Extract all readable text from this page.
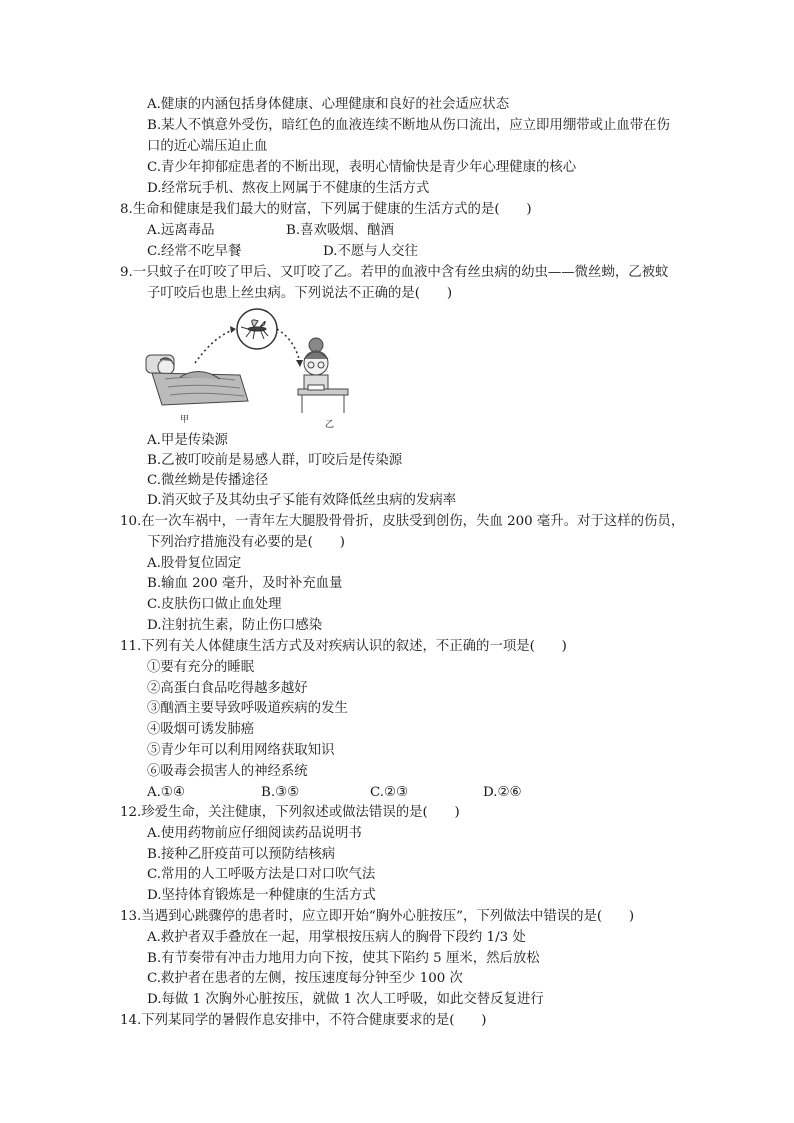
A.健康的内涵包括身体健康、心理健康和良好的社会适应状态
B.某人不慎意外受伤，暗红色的血液连续不断地从伤口流出，应立即用绷带或止血带在伤
口的近心端压迫止血
C.青少年抑郁症患者的不断出现，表明心情愉快是青少年心理健康的核心
D.经常玩手机、熬夜上网属于不健康的生活方式
8.生命和健康是我们最大的财富，下列属于健康的生活方式的是(　　)
A.远离毒品	B.喜欢吸烟、酗酒
C.经常不吃早餐	D.不愿与人交往
9.一只蚊子在叮咬了甲后、又叮咬了乙。若甲的血液中含有丝虫病的幼虫——微丝蚴，乙被蚊
子叮咬后也患上丝虫病。下列说法不正确的是(　　)
甲	乙
A.甲是传染源
B.乙被叮咬前是易感人群，叮咬后是传染源
C.微丝蚴是传播途径
D.消灭蚊子及其幼虫孑孓能有效降低丝虫病的发病率
10.在一次车祸中，一青年左大腿股骨骨折，皮肤受到创伤，失血 200 毫升。对于这样的伤员，
下列治疗措施没有必要的是(　　)
A.股骨复位固定
B.输血 200 毫升，及时补充血量
C.皮肤伤口做止血处理
D.注射抗生素，防止伤口感染
11.下列有关人体健康生活方式及对疾病认识的叙述，不正确的一项是(　　)
①要有充分的睡眠
②高蛋白食品吃得越多越好
③酗酒主要导致呼吸道疾病的发生
④吸烟可诱发肺癌
⑤青少年可以利用网络获取知识
⑥吸毒会损害人的神经系统
A.①④	B.③⑤	C.②③	D.②⑥
12.珍爱生命，关注健康，下列叙述或做法错误的是(　　)
A.使用药物前应仔细阅读药品说明书
B.接种乙肝疫苗可以预防结核病
C.常用的人工呼吸方法是口对口吹气法
D.坚持体育锻炼是一种健康的生活方式
13.当遇到心跳骤停的患者时，应立即开始“胸外心脏按压”，下列做法中错误的是(　　)
A.救护者双手叠放在一起，用掌根按压病人的胸骨下段约 1/3 处
B.有节奏带有冲击力地用力向下按，使其下陷约 5 厘米，然后放松
C.救护者在患者的左侧，按压速度每分钟至少 100 次
D.每做 1 次胸外心脏按压，就做 1 次人工呼吸，如此交替反复进行
14.下列某同学的暑假作息安排中，不符合健康要求的是(　　)
